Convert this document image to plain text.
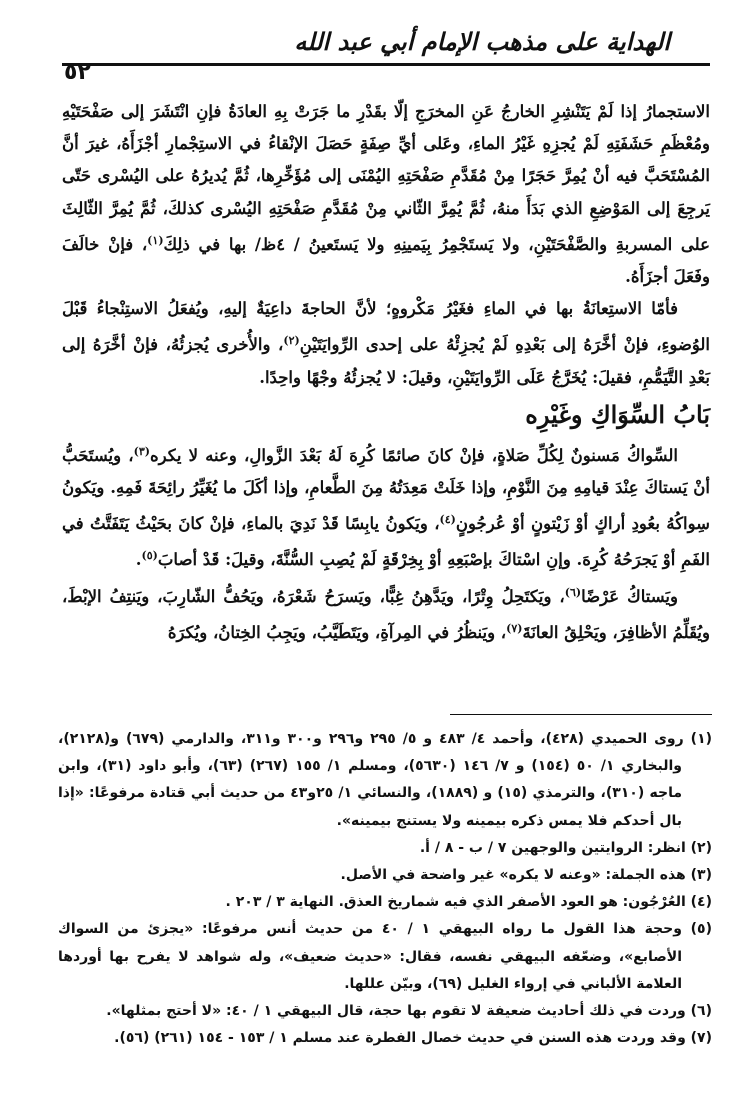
الهداية على مذهب الإمام أبي عبد الله
٥٢

الاستجمارُ إذا لَمْ يَتَنْشِرِ الخارجُ عَنِ المخرَجِ إلّا بقَدْرِ ما جَرَتْ بِهِ العادَةُ فإنِ انْتَشَرَ إلى صَفْحَتَيْهِ ومُعْظَمِ حَشَفَتِهِ لَمْ يُجزِهِ غَيْرُ الماءِ، وعَلى أيِّ صِفَةٍ حَصَلَ الإنْقاءُ في الاستِجْمارِ أجْزَأَهُ، غيرَ أنَّ المُسْتَحَبَّ فيه أنْ يُمِرَّ حَجَرًا مِنْ مُقَدَّمِ صَفْحَتِهِ اليُمْنَى إلى مُؤَخِّرِها، ثُمَّ يُديرُهُ على اليُسْرى حَتّى يَرجِعَ إلى المَوْضِعِ الذي بَدَأَ منهُ، ثُمَّ يُمِرَّ الثّاني مِنْ مُقَدَّمِ صَفْحَتِهِ اليُسْرى كذلكَ، ثُمَّ يُمِرَّ الثّالِثَ على المسربةِ والصَّفْحَتَيْنِ، ولا يَستَجْمِرُ بِيَمينِهِ ولا يَستَعينُ / ٤ظ/ بها في ذلِكَ$^{(١)}$، فإنْ خالَفَ وفَعَلَ أجزَأَهُ.

فأمّا الاستِعانَةُ بها في الماءِ فغَيْرُ مَكْروهٍ؛ لأنَّ الحاجةَ داعِيَةٌ إليهِ، ويُفعَلُ الاستِنْجاءُ قَبْلَ الوُضوءِ، فإنْ أخَّرَهُ إلى بَعْدِهِ لَمْ يُجزِئْهُ على إحدى الرِّوايَتَيْنِ$^{(٢)}$، والأُخرى يُجزئُهُ، فإنْ أخَّرَهُ إلى بَعْدِ التَّيَمُّمِ، فقيلَ: يُخَرَّجُ عَلَى الرِّوايَتَيْنِ، وقيلَ: لا يُجزئُهُ وجْهًا واحِدًا.

بَابُ السِّوَاكِ وغَيْرِه

السِّواكُ مَسنونٌ لِكُلِّ صَلاةٍ، فإنْ كانَ صائمًا كُرِهَ لَهُ بَعْدَ الزَّوالِ، وعنه لا يكره$^{(٣)}$، ويُستَحَبُّ أنْ يَستاكَ عِنْدَ قيامِهِ مِنَ النَّوْمِ، وإذا خَلَتْ مَعِدَتُهُ مِنَ الطَّعامِ، وإذا أكَلَ ما يُغَيِّرُ رائِحَةَ فَمِهِ. ويَكونُ سِواكُهُ بعُودِ أراكٍ أوْ زَيْتونٍ أوْ عُرجُونٍ$^{(٤)}$، ويَكونُ يابِسًا قَدْ نَدِيَ بالماءِ، فإنْ كانَ بحَيْثُ يَتَفَتَّتُ في الفَمِ أوْ يَجرَحُهُ كُرِهَ. وإنِ اسْتاكَ بإصْبَعِهِ أوْ بِخِرْقَةٍ لَمْ يُصِبِ السُّنَّةَ، وقيلَ: قَدْ أصابَ$^{(٥)}$.

ويَستاكُ عَرْضًا$^{(٦)}$، ويَكتَحِلُ وِتْرًا، ويَدَّهِنُ غِبًّا، ويَسرَحُ شَعْرَهُ، ويَحُفُّ الشّارِبَ، ويَنتِفُ الإبْطَ، ويُقَلِّمُ الأظافِرَ، ويَحْلِقُ العانَةَ$^{(٧)}$، ويَنظُرُ في المِرآةِ، ويَتَطَيَّبُ، ويَجِبُ الخِتانُ، ويُكرَهُ

(١) روى الحميدي (٤٢٨)، وأحمد ٤/ ٤٨٣ و ٥/ ٢٩٥ و٢٩٦ و٣٠٠ و٣١١، والدارمي (٦٧٩) و(٢١٢٨)، والبخاري ١/ ٥٠ (١٥٤) و ٧/ ١٤٦ (٥٦٣٠)، ومسلم ١/ ١٥٥ (٢٦٧) (٦٣)، وأبو داود (٣١)، وابن ماجه (٣١٠)، والترمذي (١٥) و (١٨٨٩)، والنسائي ١/ ٢٥و٤٣ من حديث أبي قتادة مرفوعًا: «إذا بال أحدكم فلا يمس ذكره بيمينه ولا يستنج بيمينه».

(٢) انظر: الروايتين والوجهين ٧ / ب - ٨ / أ.

(٣) هذه الجملة: «وعنه لا يكره» غير واضحة في الأصل.

(٤) العُرْجُون: هو العود الأصفر الذي فيه شماريخ العذق. النهاية ٣ / ٢٠٣ .

(٥) وحجة هذا القول ما رواه البيهقي ١ / ٤٠ من حديث أنس مرفوعًا: «يجزئ من السواك الأصابع»، وضعّفه البيهقي نفسه، فقال: «حديث ضعيف»، وله شواهد لا يفرح بها أوردها العلامة الألباني في إرواء الغليل (٦٩)، وبيّن عللها.

(٦) وردت في ذلك أحاديث ضعيفة لا تقوم بها حجة، قال البيهقي ١ / ٤٠: «لا أحتج بمثلها».

(٧) وقد وردت هذه السنن في حديث خصال الفطرة عند مسلم ١ / ١٥٣ - ١٥٤ (٢٦١) (٥٦).
